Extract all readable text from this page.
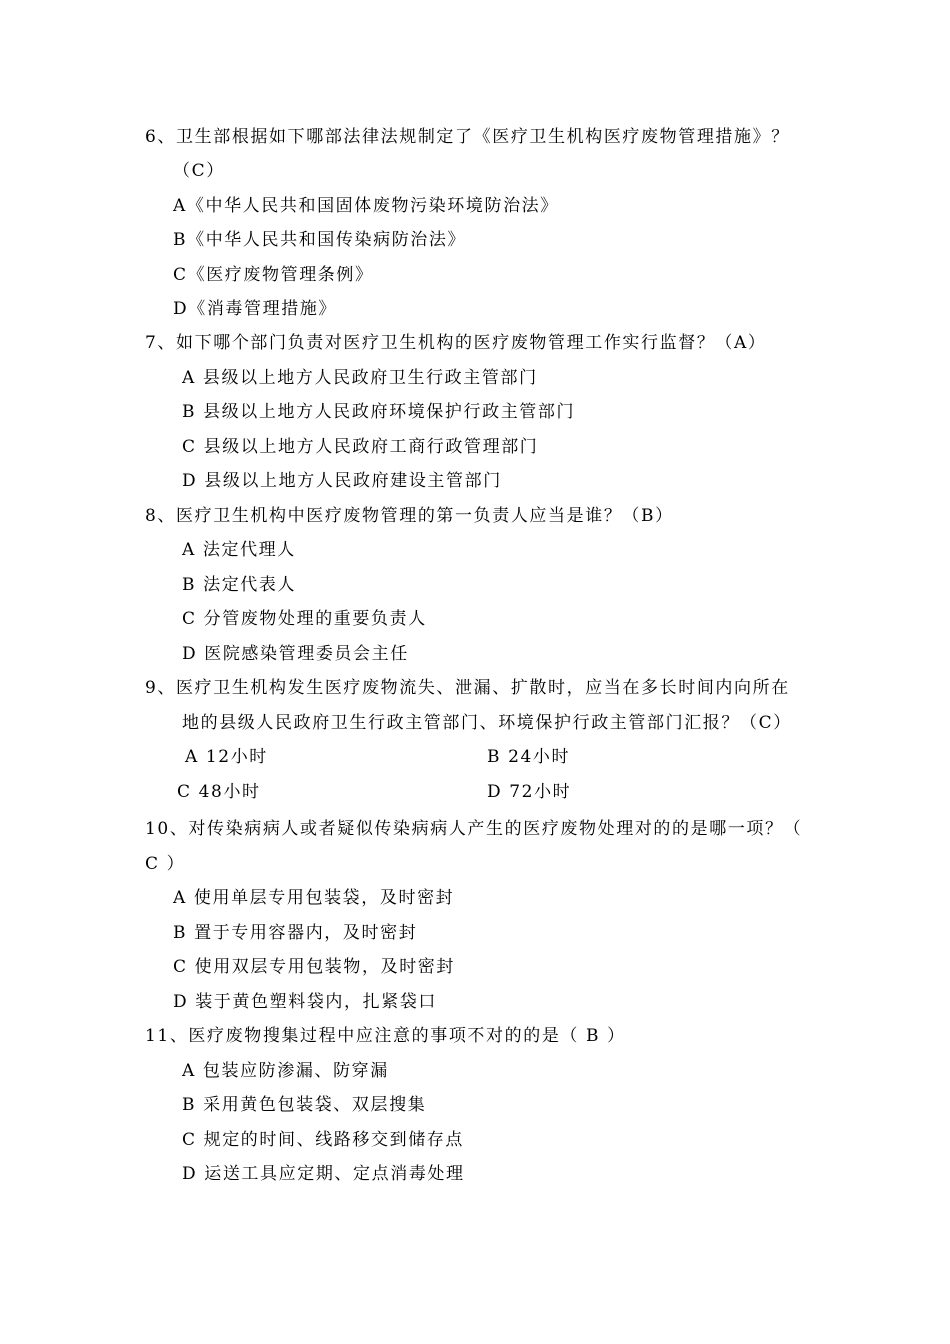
6、卫生部根据如下哪部法律法规制定了《医疗卫生机构医疗废物管理措施》？
（C）
A《中华人民共和国固体废物污染环境防治法》
B《中华人民共和国传染病防治法》
C《医疗废物管理条例》
D《消毒管理措施》
7、如下哪个部门负责对医疗卫生机构的医疗废物管理工作实行监督？（A）
A 县级以上地方人民政府卫生行政主管部门
B 县级以上地方人民政府环境保护行政主管部门
C 县级以上地方人民政府工商行政管理部门
D 县级以上地方人民政府建设主管部门
8、医疗卫生机构中医疗废物管理的第一负责人应当是谁？（B）
A 法定代理人
B 法定代表人
C 分管废物处理的重要负责人
D 医院感染管理委员会主任
9、医疗卫生机构发生医疗废物流失、泄漏、扩散时，应当在多长时间内向所在
地的县级人民政府卫生行政主管部门、环境保护行政主管部门汇报？（C）
A 12小时	B 24小时
C 48小时	D 72小时
10、对传染病病人或者疑似传染病病人产生的医疗废物处理对的的是哪一项？（
C ）
A 使用单层专用包装袋，及时密封
B 置于专用容器内，及时密封
C 使用双层专用包装物，及时密封
D 装于黄色塑料袋内，扎紧袋口
11、医疗废物搜集过程中应注意的事项不对的的是（ B ）
A 包装应防渗漏、防穿漏
B 采用黄色包装袋、双层搜集
C 规定的时间、线路移交到储存点
D 运送工具应定期、定点消毒处理
